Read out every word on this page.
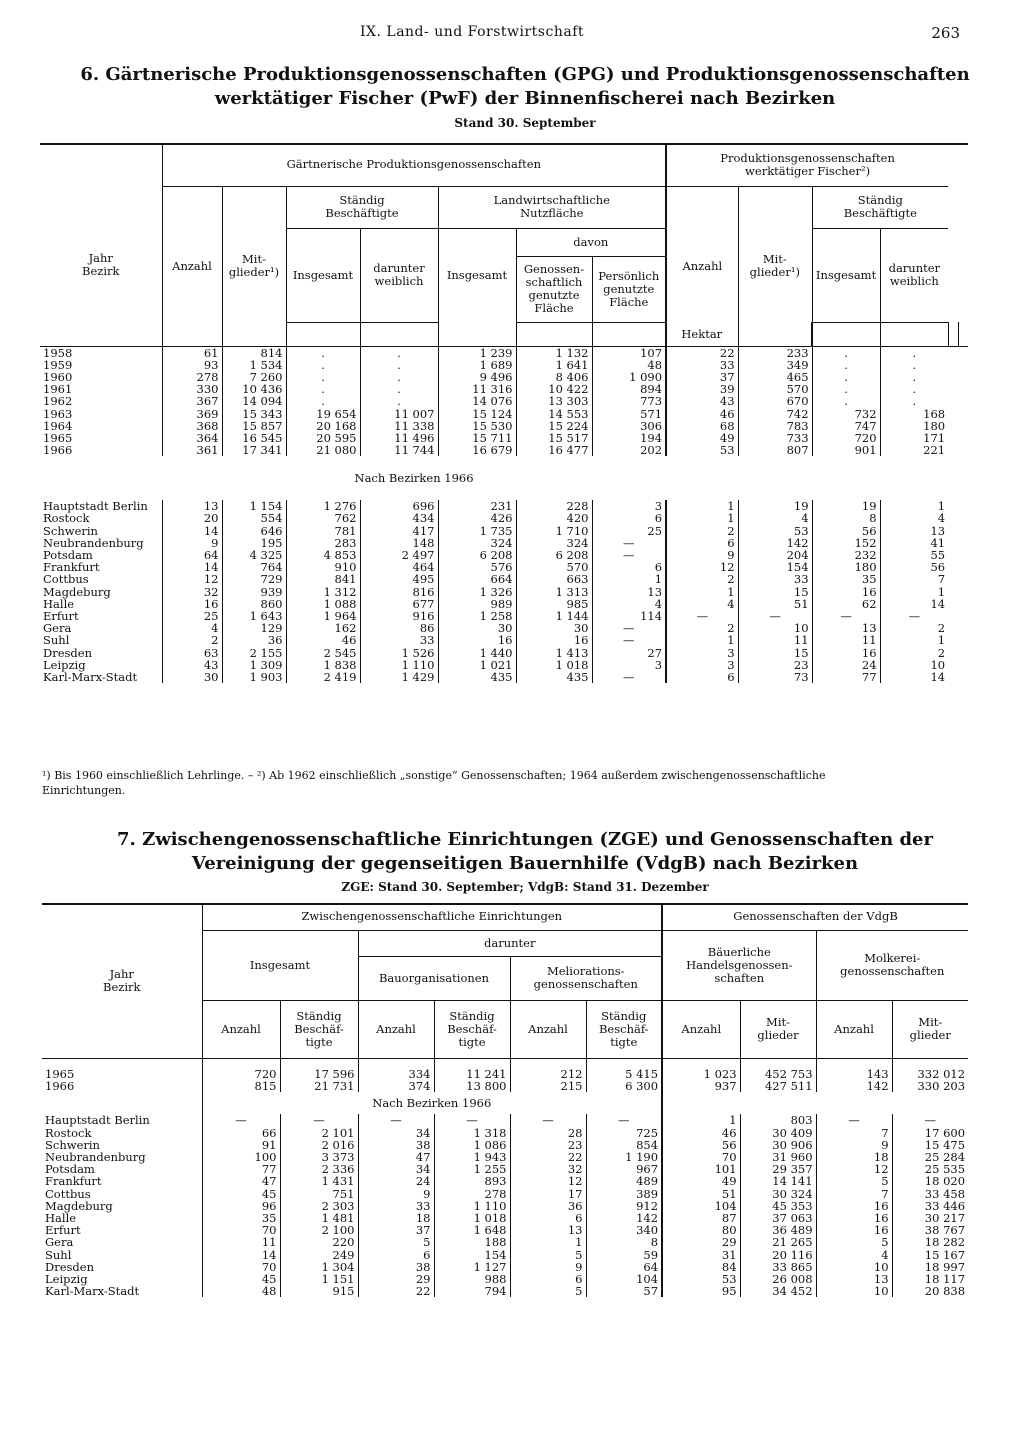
IX. Land- und Forstwirtschaft	263
6. Gärtnerische Produktionsgenossenschaften (GPG) und Produktionsgenossenschaften
werktätiger Fischer (PwF) der Binnenfischerei nach Bezirken
Stand 30. September
Jahr
Bezirk	Gärtnerische Produktionsgenossenschaften							Produktionsgenossenschaften
werktätiger Fischer²)					
	Anzahl	Mit-
glieder¹)	Ständig
Beschäftigte		Landwirtschaftliche
Nutzfläche			Anzahl	Mit-
glieder¹)	Ständig
Beschäftigte			
			Insgesamt	darunter
weiblich	Insgesamt	davon				Insgesamt	darunter
weiblich		
						Genossen-
schaftlich
genutzte
Fläche	Persönlich
genutzte
Fläche						
							Hektar						
1958	61	814	.	.	1 239	1 132	107	22	233	.	.		
1959	93	1 534	.	.	1 689	1 641	48	33	349	.	.		
1960	278	7 260	.	.	9 496	8 406	1 090	37	465	.	.		
1961	330	10 436	.	.	11 316	10 422	894	39	570	.	.		
1962	367	14 094	.	.	14 076	13 303	773	43	670	.	.		
1963	369	15 343	19 654	11 007	15 124	14 553	571	46	742	732	168		
1964	368	15 857	20 168	11 338	15 530	15 224	306	68	783	747	180		
1965	364	16 545	20 595	11 496	15 711	15 517	194	49	733	720	171		
1966	361	17 341	21 080	11 744	16 679	16 477	202	53	807	901	221		
	Nach Bezirken 1966												
Hauptstadt Berlin	13	1 154	1 276	696	231	228	3	1	19	19	1		
Rostock	20	554	762	434	426	420	6	1	4	8	4		
Schwerin	14	646	781	417	1 735	1 710	25	2	53	56	13		
Neubrandenburg	9	195	283	148	324	324	—	6	142	152	41		
Potsdam	64	4 325	4 853	2 497	6 208	6 208	—	9	204	232	55		
Frankfurt	14	764	910	464	576	570	6	12	154	180	56		
Cottbus	12	729	841	495	664	663	1	2	33	35	7		
Magdeburg	32	939	1 312	816	1 326	1 313	13	1	15	16	1		
Halle	16	860	1 088	677	989	985	4	4	51	62	14		
Erfurt	25	1 643	1 964	916	1 258	1 144	114	—	—	—	—		
Gera	4	129	162	86	30	30	—	2	10	13	2		
Suhl	2	36	46	33	16	16	—	1	11	11	1		
Dresden	63	2 155	2 545	1 526	1 440	1 413	27	3	15	16	2		
Leipzig	43	1 309	1 838	1 110	1 021	1 018	3	3	23	24	10		
Karl-Marx-Stadt	30	1 903	2 419	1 429	435	435	—	6	73	77	14		
¹) Bis 1960 einschließlich Lehrlinge. – ²) Ab 1962 einschließlich „sonstige“ Genossenschaften; 1964 außerdem zwischengenossenschaftliche
Einrichtungen.
7. Zwischengenossenschaftliche Einrichtungen (ZGE) und Genossenschaften der
Vereinigung der gegenseitigen Bauernhilfe (VdgB) nach Bezirken
ZGE: Stand 30. September; VdgB: Stand 31. Dezember
Jahr
Bezirk	Zwischengenossenschaftliche Einrichtungen						Genossenschaften der VdgB			
	Insgesamt		darunter				Bäuerliche
Handelsgenossen-
schaften		Molkerei-
genossenschaften	
			Bauorganisationen		Meliorations-
genossenschaften					
	Anzahl	Ständig
Beschäf-
tigte	Anzahl	Ständig
Beschäf-
tigte	Anzahl	Ständig
Beschäf-
tigte	Anzahl	Mit-
glieder	Anzahl	Mit-
glieder

1965	720	17 596	334	11 241	212	5 415	1 023	452 753	143	332 012
1966	815	21 731	374	13 800	215	6 300	937	427 511	142	330 203
	Nach Bezirken 1966									
Hauptstadt Berlin	—	—	—	—	—	—	1	803	—	—
Rostock	66	2 101	34	1 318	28	725	46	30 409	7	17 600
Schwerin	91	2 016	38	1 086	23	854	56	30 906	9	15 475
Neubrandenburg	100	3 373	47	1 943	22	1 190	70	31 960	18	25 284
Potsdam	77	2 336	34	1 255	32	967	101	29 357	12	25 535
Frankfurt	47	1 431	24	893	12	489	49	14 141	5	18 020
Cottbus	45	751	9	278	17	389	51	30 324	7	33 458
Magdeburg	96	2 303	33	1 110	36	912	104	45 353	16	33 446
Halle	35	1 481	18	1 018	6	142	87	37 063	16	30 217
Erfurt	70	2 100	37	1 648	13	340	80	36 489	16	38 767
Gera	11	220	5	188	1	8	29	21 265	5	18 282
Suhl	14	249	6	154	5	59	31	20 116	4	15 167
Dresden	70	1 304	38	1 127	9	64	84	33 865	10	18 997
Leipzig	45	1 151	29	988	6	104	53	26 008	13	18 117
Karl-Marx-Stadt	48	915	22	794	5	57	95	34 452	10	20 838
